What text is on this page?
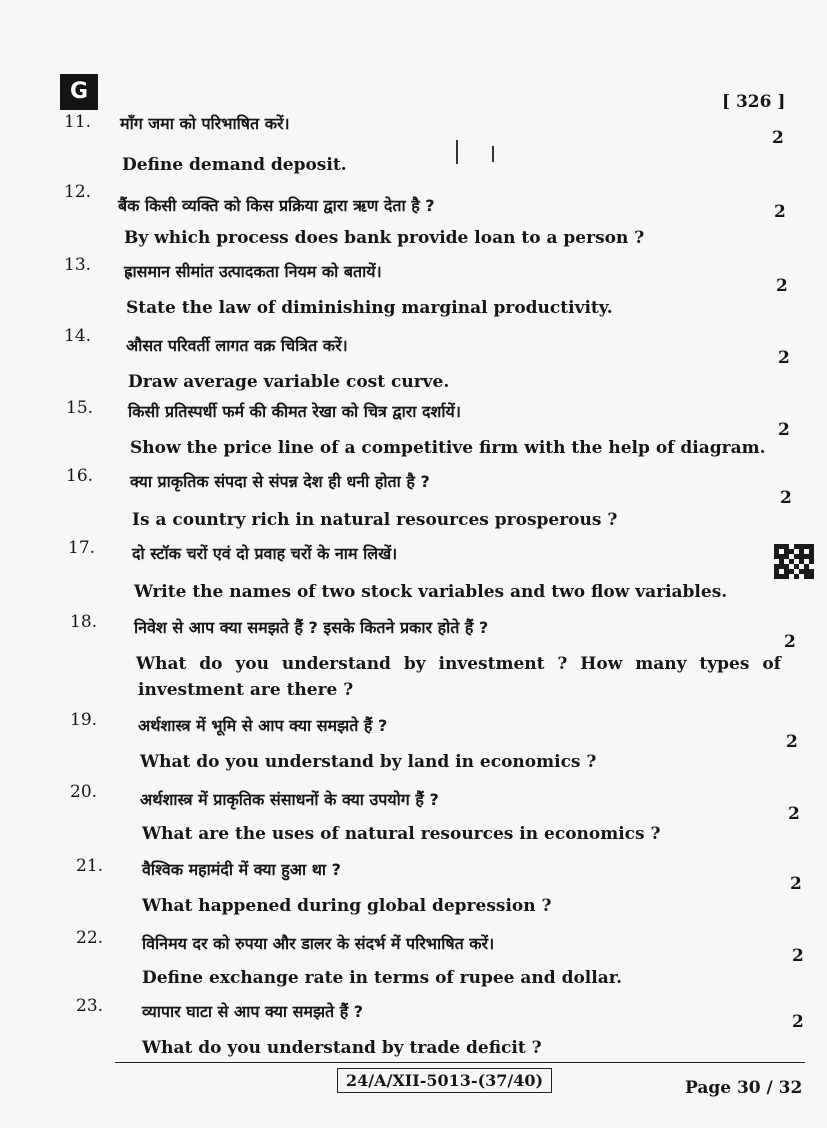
G	[ 326 ]
11. माँग जमा को परिभाषित करें।
2
Define demand deposit.
12.
बैंक किसी व्यक्ति को किस प्रक्रिया द्वारा ऋण देता है ?	2
By which process does bank provide loan to a person ?
13. ह्रासमान सीमांत उत्पादकता नियम को बतायें।
2
State the law of diminishing marginal productivity.
14. औसत परिवर्ती लागत वक्र चित्रित करें।
2
Draw average variable cost curve.
15. किसी प्रतिस्पर्धी फर्म की कीमत रेखा को चित्र द्वारा दर्शायें।
2
Show the price line of a competitive firm with the help of diagram.
16. क्या प्राकृतिक संपदा से संपन्न देश ही धनी होता है ?
2
Is a country rich in natural resources prosperous ?
17. दो स्टॉक चरों एवं दो प्रवाह चरों के नाम लिखें।
Write the names of two stock variables and two flow variables.
18. निवेश से आप क्या समझते हैं ? इसके कितने प्रकार होते हैं ?
2
What do you understand by investment ? How many types of
investment are there ?
19.	अर्थशास्त्र में भूमि से आप क्या समझते हैं ?
2
What do you understand by land in economics ?
20.	अर्थशास्त्र में प्राकृतिक संसाधनों के क्या उपयोग हैं ?
2
What are the uses of natural resources in economics ?
21. वैश्विक महामंदी में क्या हुआ था ?
2
What happened during global depression ?
22. विनिमय दर को रुपया और डालर के संदर्भ में परिभाषित करें।
2
Define exchange rate in terms of rupee and dollar.
23. व्यापार घाटा से आप क्या समझते हैं ?
2
What do you understand by trade deficit ?
24/A/XII-5013-(37/40)	Page 30 / 32
